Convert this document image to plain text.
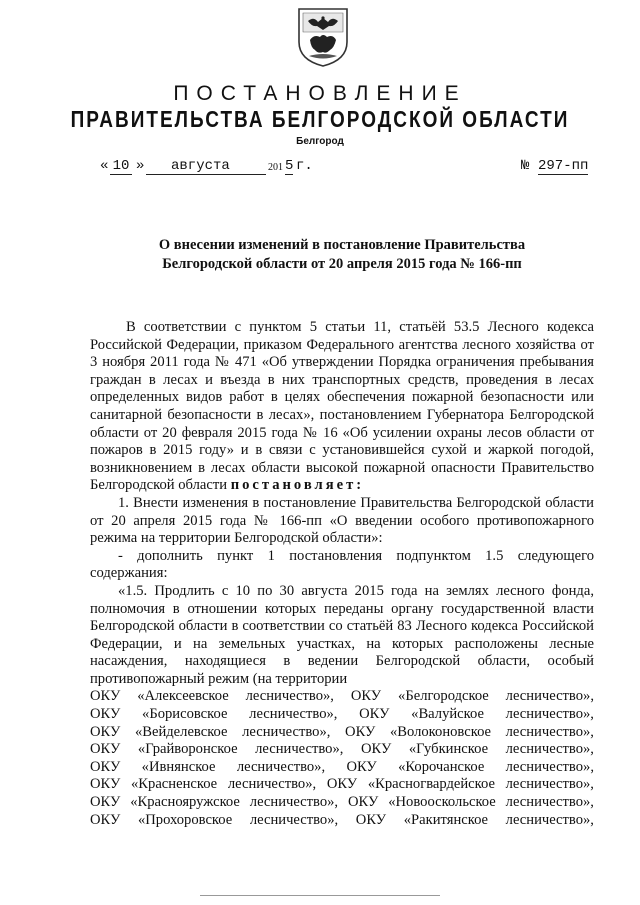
ПОСТАНОВЛЕНИЕ
ПРАВИТЕЛЬСТВА БЕЛГОРОДСКОЙ ОБЛАСТИ
Белгород
« 10 »	августа	201 5 г.	№ 297-пп
О внесении изменений в постановление Правительства
Белгородской области от 20 апреля 2015 года № 166-пп

В соответствии с пунктом 5 статьи 11, статьёй 53.5 Лесного кодекса Российской Федерации, приказом Федерального агентства лесного хозяйства от 3 ноября 2011 года № 471 «Об утверждении Порядка ограничения пребывания граждан в лесах и въезда в них транспортных средств, проведения в лесах определенных видов работ в целях обеспечения пожарной безопасности или санитарной безопасности в лесах», постановлением Губернатора Белгородской области от 20 февраля 2015 года № 16 «Об усилении охраны лесов области от пожаров в 2015 году» и в связи с установившейся сухой и жаркой погодой, возникновением в лесах области высокой пожарной опасности Правительство Белгородской области постановляет:

1. Внести изменения в постановление Правительства Белгородской области от 20 апреля 2015 года № 166-пп «О введении особого противопожарного режима на территории Белгородской области»:

- дополнить пункт 1 постановления подпунктом 1.5 следующего содержания:

«1.5. Продлить с 10 по 30 августа 2015 года на землях лесного фонда, полномочия в отношении которых переданы органу государственной власти Белгородской области в соответствии со статьёй 83 Лесного кодекса Российской Федерации, и на земельных участках, на которых расположены лесные насаждения, находящиеся в ведении Белгородской области, особый противопожарный режим (на территории

ОКУ «Алексеевское лесничество», ОКУ «Белгородское лесничество»,
ОКУ «Борисовское лесничество», ОКУ «Валуйское лесничество»,
ОКУ «Вейделевское лесничество», ОКУ «Волоконовское лесничество»,
ОКУ «Грайворонское лесничество», ОКУ «Губкинское лесничество»,
ОКУ «Ивнянское лесничество», ОКУ «Корочанское лесничество»,
ОКУ «Красненское лесничество», ОКУ «Красногвардейское лесничество»,
ОКУ «Краснояружское лесничество», ОКУ «Новооскольское лесничество»,
ОКУ «Прохоровское лесничество», ОКУ «Ракитянское лесничество»,
